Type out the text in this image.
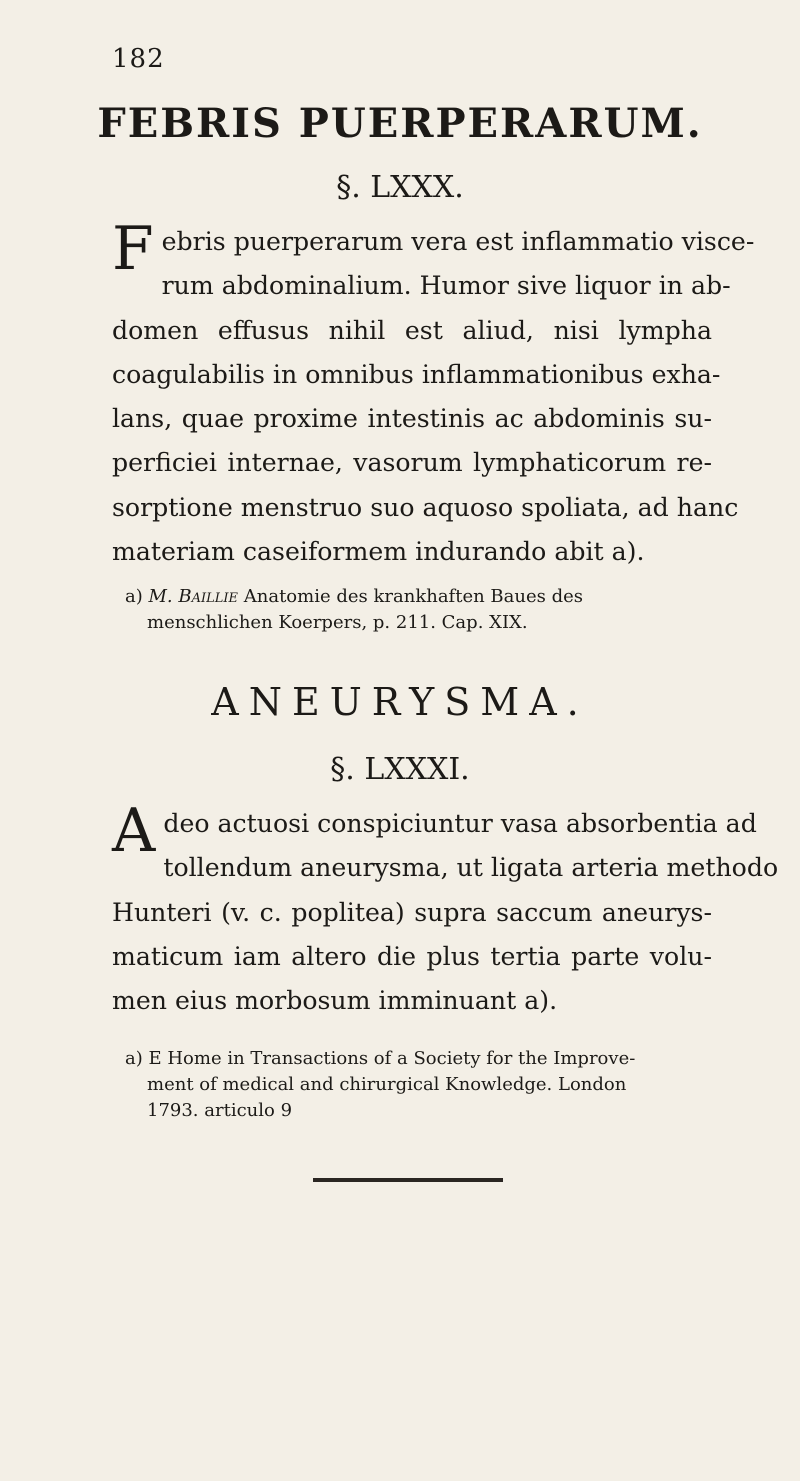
182
FEBRIS PUERPERARUM.
§. LXXX.
F ebris puerperarum vera est inflammatio visce-
rum abdominalium. Humor sive liquor in ab-
domen effusus nihil est aliud, nisi lympha
coagulabilis in omnibus inflammationibus exha-
lans, quae proxime intestinis ac abdominis su-
perficiei internae, vasorum lymphaticorum re-
sorptione menstruo suo aquoso spoliata, ad hanc
materiam caseiformem indurando abit a).
a) M. Baillie Anatomie des krankhaften Baues des
menschlichen Koerpers, p. 211. Cap. XIX.
ANEURYSMA.
§. LXXXI.
A deo actuosi conspiciuntur vasa absorbentia ad
tollendum aneurysma, ut ligata arteria methodo
Hunteri (v. c. poplitea) supra saccum aneurys-
maticum iam altero die plus tertia parte volu-
men eius morbosum imminuant a).
a) E Home in Transactions of a Society for the Improve-
ment of medical and chirurgical Knowledge. London
1793. articulo 9
